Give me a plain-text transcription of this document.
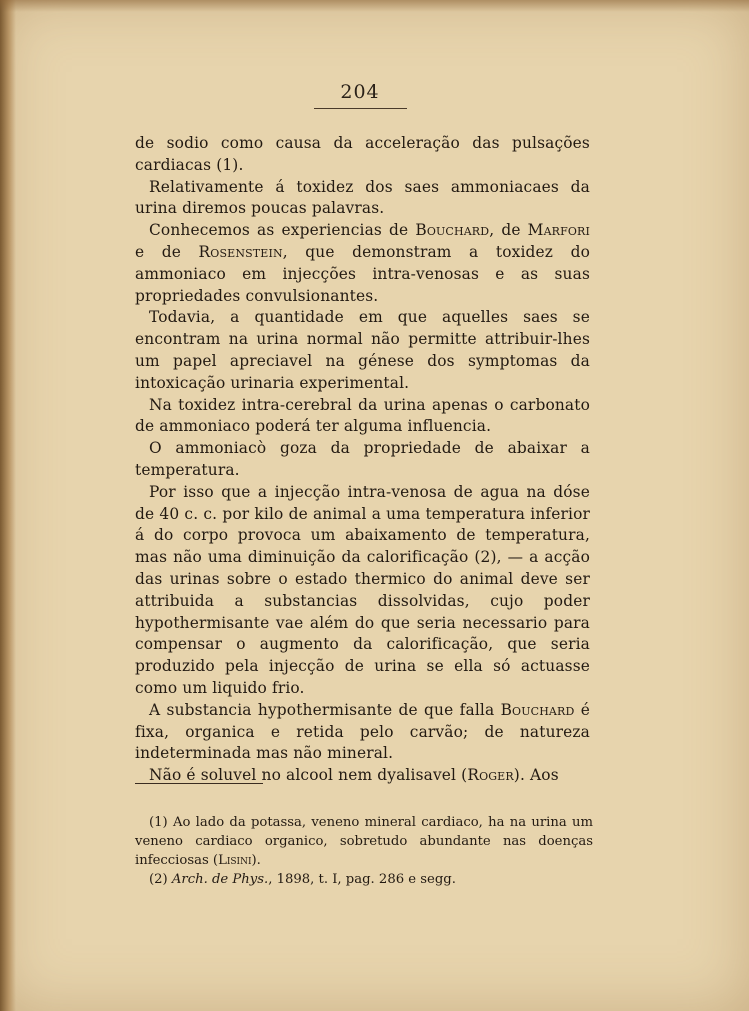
204

de sodio como causa da acceleração das pulsações cardiacas (1).

Relativamente á toxidez dos saes ammoniacaes da urina diremos poucas palavras.

Conhecemos as experiencias de Bouchard, de Marfori e de Rosenstein, que demonstram a toxidez do ammoniaco em injecções intra-venosas e as suas propriedades convulsionantes.

Todavia, a quantidade em que aquelles saes se encontram na urina normal não permitte attribuir-lhes um papel apreciavel na génese dos symptomas da intoxicação urinaria experimental.

Na toxidez intra-cerebral da urina apenas o carbonato de ammoniaco poderá ter alguma influencia.

O ammoniacò goza da propriedade de abaixar a temperatura.

Por isso que a injecção intra-venosa de agua na dóse de 40 c. c. por kilo de animal a uma temperatura inferior á do corpo provoca um abaixamento de temperatura, mas não uma diminuição da calorificação (2), — a acção das urinas sobre o estado thermico do animal deve ser attribuida a substancias dissolvidas, cujo poder hypothermisante vae além do que seria necessario para compensar o augmento da calorificação, que seria produzido pela injecção de urina se ella só actuasse como um liquido frio.

A substancia hypothermisante de que falla Bouchard é fixa, organica e retida pelo carvão; de natureza indeterminada mas não mineral.

Não é soluvel no alcool nem dyalisavel (Roger). Aos

(1) Ao lado da potassa, veneno mineral cardiaco, ha na urina um veneno cardiaco organico, sobretudo abundante nas doenças infecciosas (Lisini).

(2) Arch. de Phys., 1898, t. I, pag. 286 e segg.
